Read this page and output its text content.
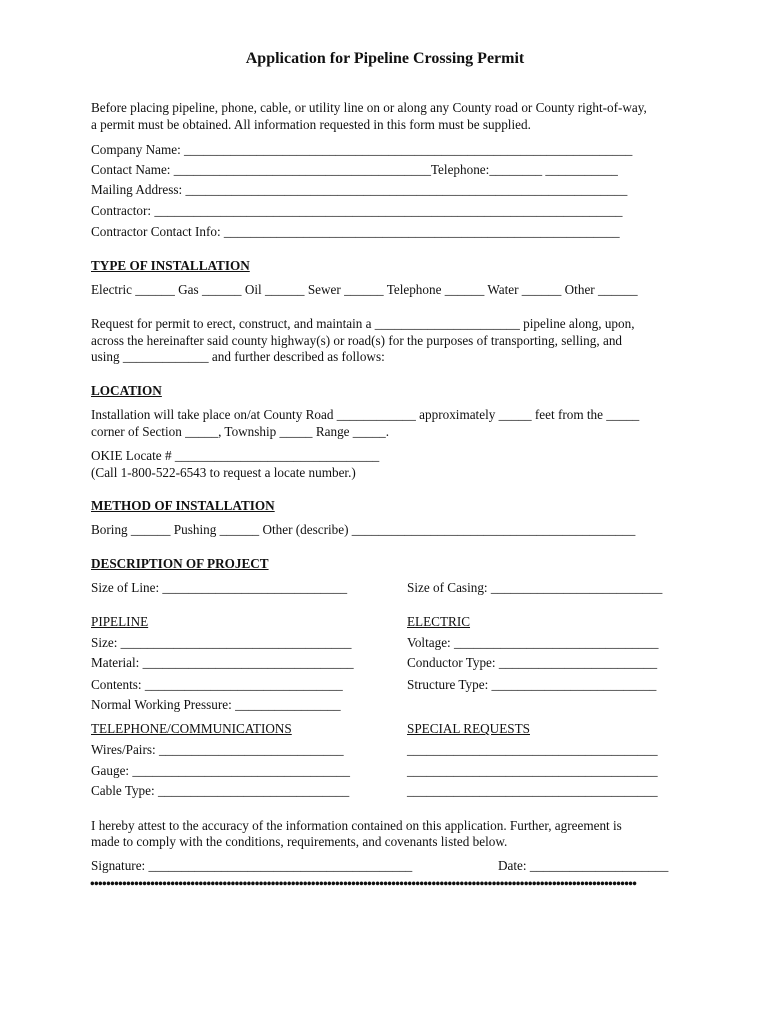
Application for Pipeline Crossing Permit
Before placing pipeline, phone, cable, or utility line on or along any County road or County right-of-way,
a permit must be obtained. All information requested in this form must be supplied.
Company Name: ____________________________________________________________________
Contact Name: _______________________________________Telephone:________ ___________
Mailing Address: ___________________________________________________________________
Contractor: _______________________________________________________________________
Contractor Contact Info: ____________________________________________________________
TYPE OF INSTALLATION
Electric ______ Gas ______ Oil ______ Sewer ______ Telephone ______ Water ______ Other ______
Request for permit to erect, construct, and maintain a ______________________ pipeline along, upon,
across the hereinafter said county highway(s) or road(s) for the purposes of transporting, selling, and
using _____________ and further described as follows:
LOCATION
Installation will take place on/at County Road ____________ approximately _____ feet from the _____
corner of Section _____, Township _____ Range _____.
OKIE Locate # _______________________________
(Call 1-800-522-6543 to request a locate number.)
METHOD OF INSTALLATION
Boring ______ Pushing ______ Other (describe) ___________________________________________
DESCRIPTION OF PROJECT
Size of Line: ____________________________	Size of Casing: __________________________
PIPELINE
Size: ___________________________________
Material: ________________________________
Contents: ______________________________
Normal Working Pressure: ________________
ELECTRIC
Voltage: _______________________________
Conductor Type: ________________________
Structure Type: _________________________
TELEPHONE/COMMUNICATIONS
Wires/Pairs: ____________________________
Gauge: _________________________________
Cable Type: _____________________________
SPECIAL REQUESTS
______________________________________
______________________________________
______________________________________
I hereby attest to the accuracy of the information contained on this application. Further, agreement is
made to comply with the conditions, requirements, and covenants listed below.
Signature: ________________________________________	Date: _____________________
••••••••••••••••••••••••••••••••••••••••••••••••••••••••••••••••••••••••••••••••••••••••••••••••••••••••••••••••••••••••••••••••••••••••
